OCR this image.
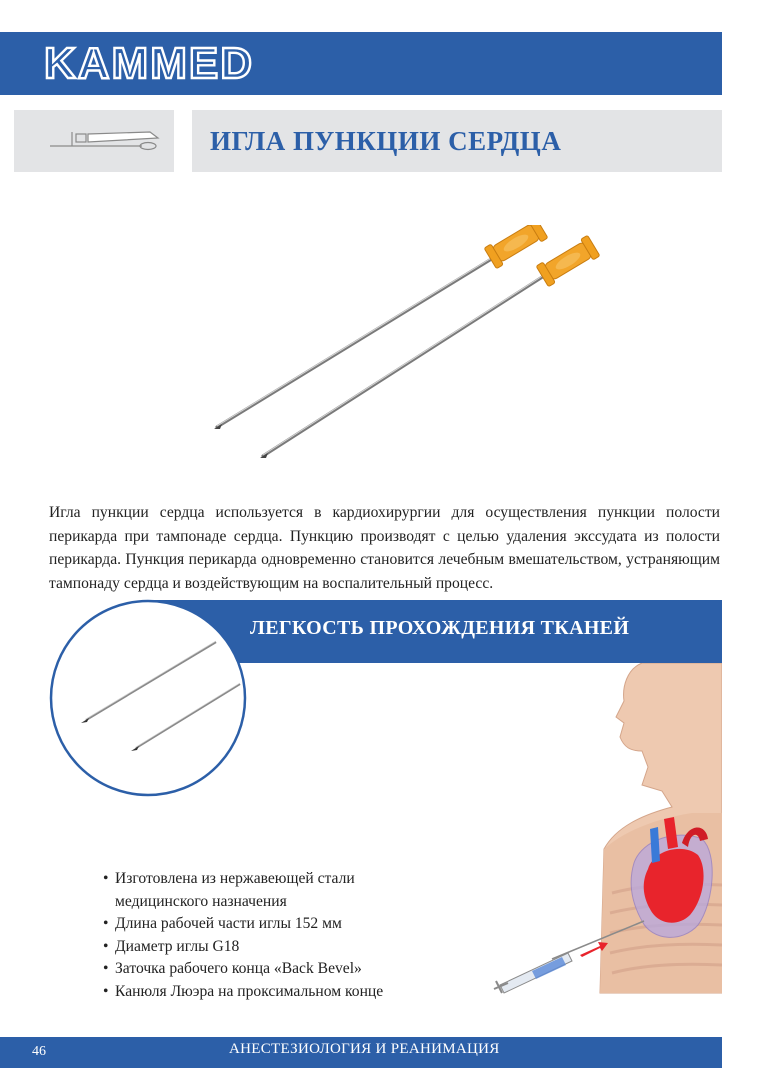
KAMMED
ИГЛА ПУНКЦИИ СЕРДЦА

Игла пункции сердца используется в кардиохирургии для осуществления пункции полости перикарда при тампонаде сердца. Пункцию производят с целью удаления экссудата из полости перикарда. Пункция перикарда одновременно становится лечебным вмешательством, устраняющим тампонаду сердца и воздействующим на воспалительный процесс.

ЛЕГКОСТЬ ПРОХОЖДЕНИЯ ТКАНЕЙ
• Изготовлена из нержавеющей стали медицинского назначения
• Длина рабочей части иглы 152 мм
• Диаметр иглы G18
• Заточка рабочего конца «Back Bevel»
• Канюля Люэра на проксимальном конце
46	АНЕСТЕЗИОЛОГИЯ И РЕАНИМАЦИЯ
